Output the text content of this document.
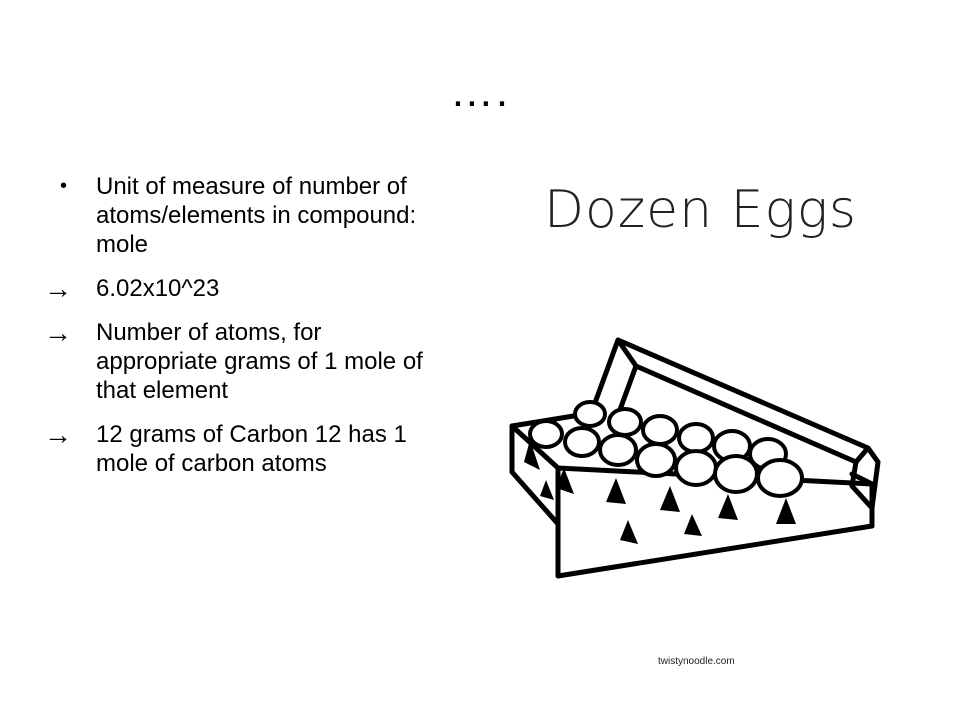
….
•	Unit of measure of number of atoms/elements in compound: mole
→ 6.02x10^23
→ Number of atoms, for appropriate grams of 1 mole of that element
→ 12 grams of Carbon 12 has 1 mole of carbon atoms
Dozen Eggs
twistynoodle.com
